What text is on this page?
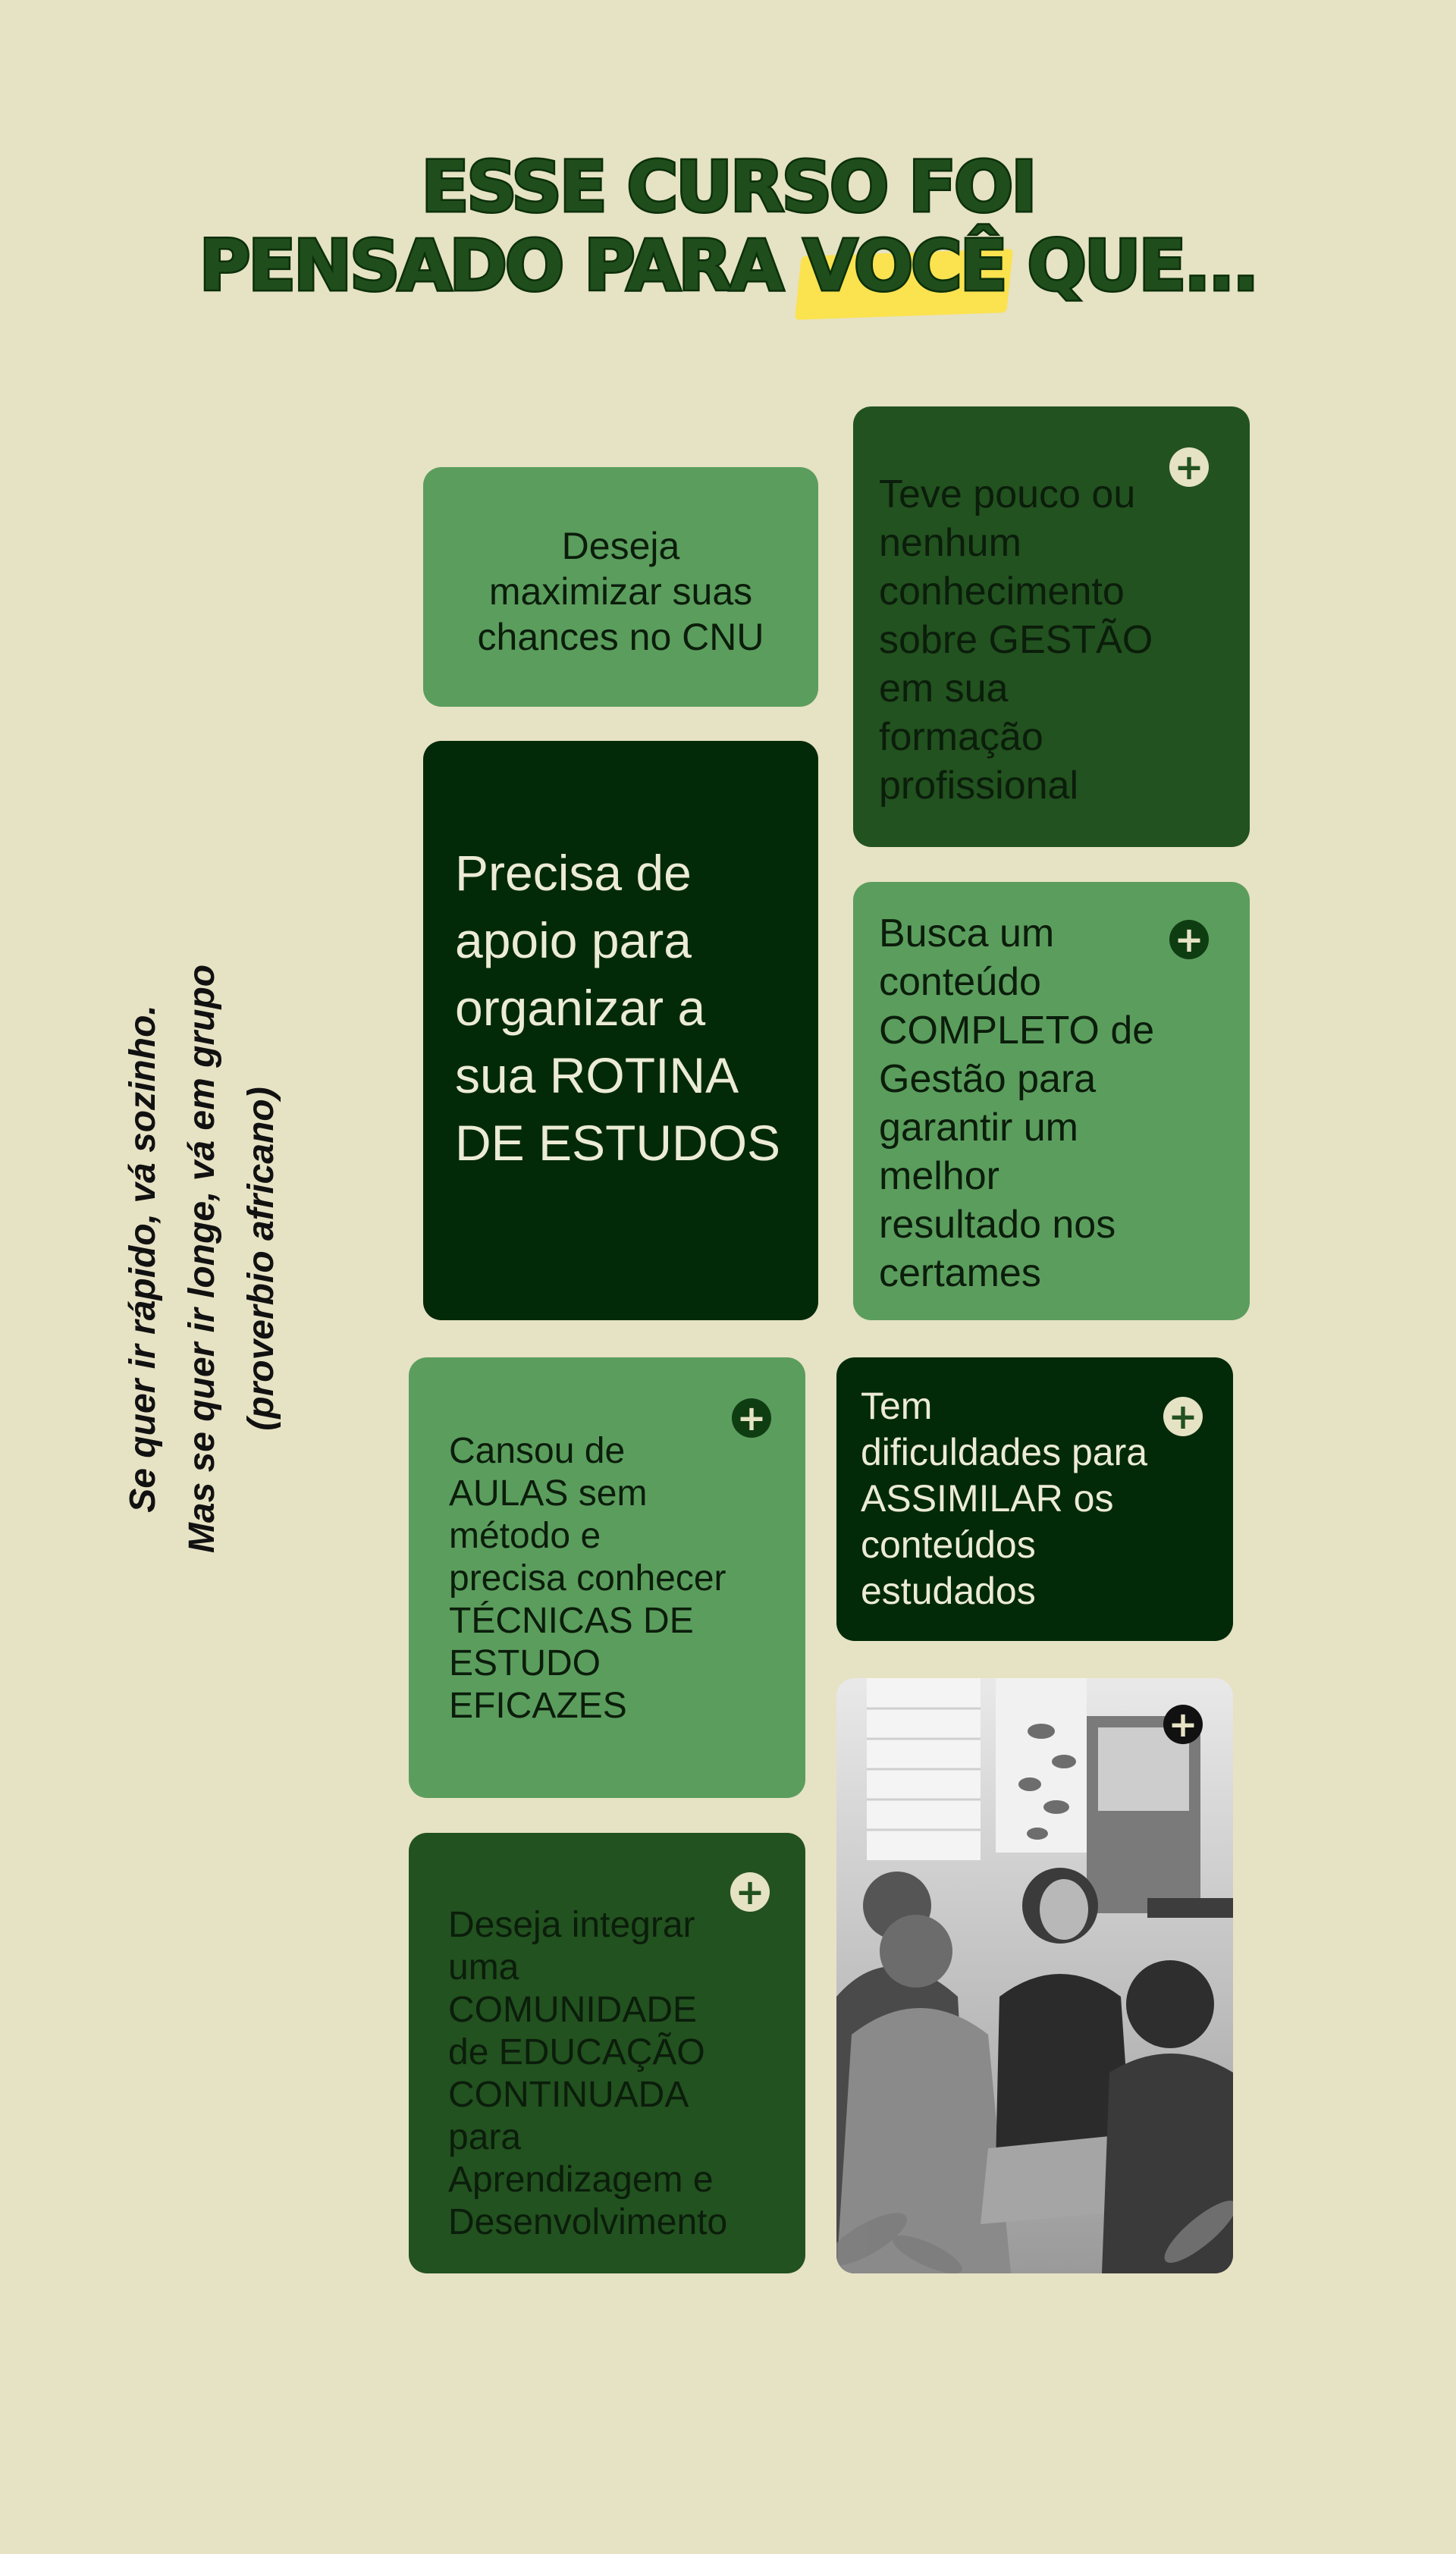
ESSE CURSO FOI
PENSADO PARA VOCÊ QUE...
Se quer ir rápido, vá sozinho.
Mas se quer ir longe, vá em grupo
(proverbio africano)
Deseja
maximizar suas
chances no CNU
+
Teve pouco ou
nenhum
conhecimento
sobre GESTÃO
em sua
formação
profissional
Precisa de
apoio para
organizar a
sua ROTINA
DE ESTUDOS
+
Busca um
conteúdo
COMPLETO de
Gestão para
garantir um
melhor
resultado nos
certames
+
Cansou de
AULAS sem
método e
precisa conhecer
TÉCNICAS DE
ESTUDO
EFICAZES
+
Tem
dificuldades para
ASSIMILAR os
conteúdos
estudados
+
Deseja integrar
uma
COMUNIDADE
de EDUCAÇÃO
CONTINUADA
para
Aprendizagem e
Desenvolvimento
+
